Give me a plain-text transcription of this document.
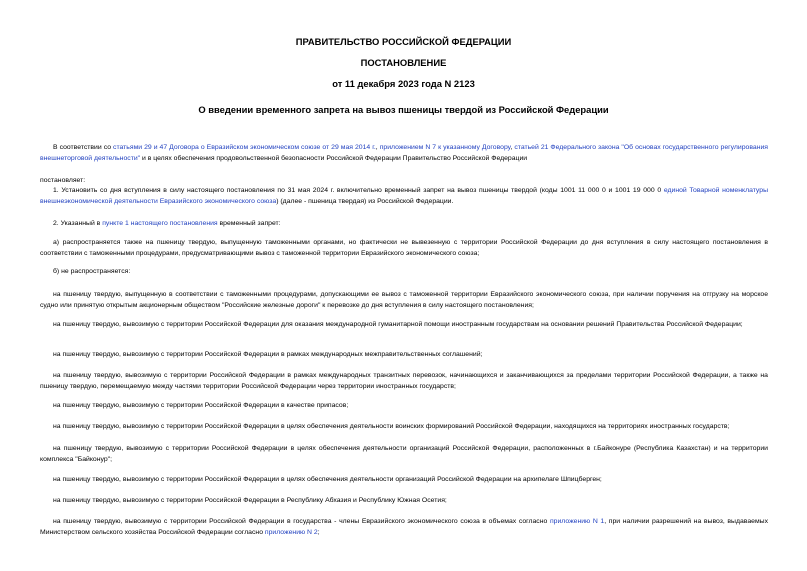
ПРАВИТЕЛЬСТВО РОССИЙСКОЙ ФЕДЕРАЦИИ
ПОСТАНОВЛЕНИЕ
от 11 декабря 2023 года N 2123
О введении временного запрета на вывоз пшеницы твердой из Российской Федерации
В соответствии со статьями 29 и 47 Договора о Евразийском экономическом союзе от 29 мая 2014 г., приложением N 7 к указанному Договору, статьей 21 Федерального закона "Об основах государственного регулирования внешнеторговой деятельности" и в целях обеспечения продовольственной безопасности Российской Федерации Правительство Российской Федерации
постановляет:
1. Установить со дня вступления в силу настоящего постановления по 31 мая 2024 г. включительно временный запрет на вывоз пшеницы твердой (коды 1001 11 000 0 и 1001 19 000 0 единой Товарной номенклатуры внешнеэкономической деятельности Евразийского экономического союза) (далее - пшеница твердая) из Российской Федерации.
2. Указанный в пункте 1 настоящего постановления временный запрет:
а) распространяется также на пшеницу твердую, выпущенную таможенными органами, но фактически не вывезенную с территории Российской Федерации до дня вступления в силу настоящего постановления в соответствии с таможенными процедурами, предусматривающими вывоз с таможенной территории Евразийского экономического союза;
б) не распространяется:
на пшеницу твердую, выпущенную в соответствии с таможенными процедурами, допускающими ее вывоз с таможенной территории Евразийского экономического союза, при наличии поручения на отгрузку на морское судно или принятую открытым акционерным обществом "Российские железные дороги" к перевозке до дня вступления в силу настоящего постановления;
на пшеницу твердую, вывозимую с территории Российской Федерации для оказания международной гуманитарной помощи иностранным государствам на основании решений Правительства Российской Федерации;
на пшеницу твердую, вывозимую с территории Российской Федерации в рамках международных межправительственных соглашений;
на пшеницу твердую, вывозимую с территории Российской Федерации в рамках международных транзитных перевозок, начинающихся и заканчивающихся за пределами территории Российской Федерации, а также на пшеницу твердую, перемещаемую между частями территории Российской Федерации через территории иностранных государств;
на пшеницу твердую, вывозимую с территории Российской Федерации в качестве припасов;
на пшеницу твердую, вывозимую с территории Российской Федерации в целях обеспечения деятельности воинских формирований Российской Федерации, находящихся на территориях иностранных государств;
на пшеницу твердую, вывозимую с территории Российской Федерации в целях обеспечения деятельности организаций Российской Федерации, расположенных в г.Байконуре (Республика Казахстан) и на территории комплекса "Байконур";
на пшеницу твердую, вывозимую с территории Российской Федерации в целях обеспечения деятельности организаций Российской Федерации на архипелаге Шпицберген;
на пшеницу твердую, вывозимую с территории Российской Федерации в Республику Абхазия и Республику Южная Осетия;
на пшеницу твердую, вывозимую с территории Российской Федерации в государства - члены Евразийского экономического союза в объемах согласно приложению N 1, при наличии разрешений на вывоз, выдаваемых Министерством сельского хозяйства Российской Федерации согласно приложению N 2;
